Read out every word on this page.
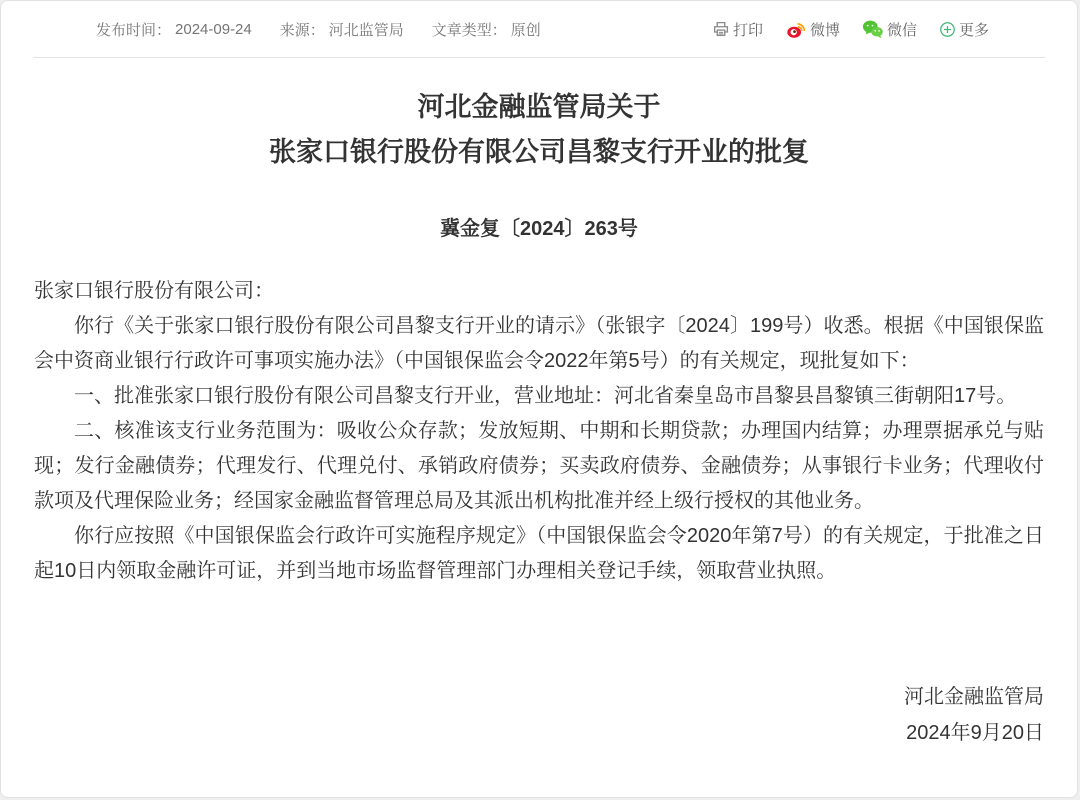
发布时间： 2024-09-24 来源： 河北监管局 文章类型： 原创	打印	微博	微信	更多
河北金融监管局关于
张家口银行股份有限公司昌黎支行开业的批复
冀金复〔2024〕263号

张家口银行股份有限公司：

你行《关于张家口银行股份有限公司昌黎支行开业的请示》（张银字〔2024〕199号）收悉。根据《中国银保监会中资商业银行行政许可事项实施办法》（中国银保监会令2022年第5号）的有关规定，现批复如下：

一、批准张家口银行股份有限公司昌黎支行开业，营业地址：河北省秦皇岛市昌黎县昌黎镇三街朝阳17号。

二、核准该支行业务范围为：吸收公众存款；发放短期、中期和长期贷款；办理国内结算；办理票据承兑与贴现；发行金融债券；代理发行、代理兑付、承销政府债券；买卖政府债券、金融债券；从事银行卡业务；代理收付款项及代理保险业务；经国家金融监督管理总局及其派出机构批准并经上级行授权的其他业务。

你行应按照《中国银保监会行政许可实施程序规定》（中国银保监会令2020年第7号）的有关规定，于批准之日起10日内领取金融许可证，并到当地市场监督管理部门办理相关登记手续，领取营业执照。

河北金融监管局
2024年9月20日
